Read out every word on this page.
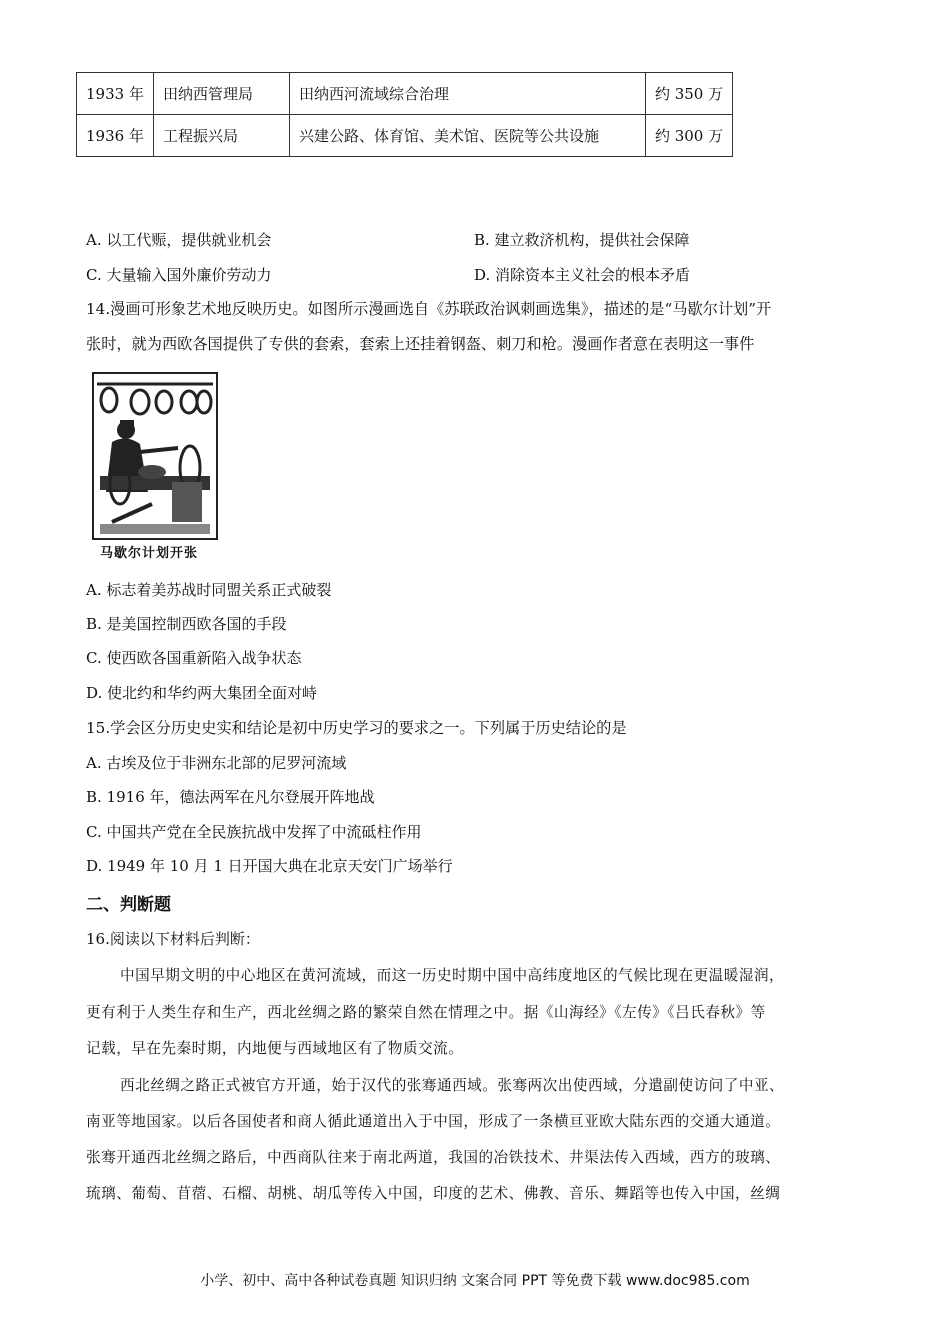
1933 年	田纳西管理局	田纳西河流域综合治理	约 350 万
1936 年	工程振兴局	兴建公路、体育馆、美术馆、医院等公共设施	约 300 万
A. 以工代赈，提供就业机会	B. 建立救济机构，提供社会保障
C. 大量输入国外廉价劳动力	D. 消除资本主义社会的根本矛盾
14.漫画可形象艺术地反映历史。如图所示漫画选自《苏联政治讽刺画选集》，描述的是“马歇尔计划”开
张时，就为西欧各国提供了专供的套索，套索上还挂着钢盔、刺刀和枪。漫画作者意在表明这一事件
马歇尔计划开张
A. 标志着美苏战时同盟关系正式破裂
B. 是美国控制西欧各国的手段
C. 使西欧各国重新陷入战争状态
D. 使北约和华约两大集团全面对峙
15.学会区分历史史实和结论是初中历史学习的要求之一。下列属于历史结论的是
A. 古埃及位于非洲东北部的尼罗河流域
B. 1916 年，德法两军在凡尔登展开阵地战
C. 中国共产党在全民族抗战中发挥了中流砥柱作用
D. 1949 年 10 月 1 日开国大典在北京天安门广场举行
二、判断题
16.阅读以下材料后判断：
中国早期文明的中心地区在黄河流域，而这一历史时期中国中高纬度地区的气候比现在更温暖湿润，
更有利于人类生存和生产，西北丝绸之路的繁荣自然在情理之中。据《山海经》《左传》《吕氏春秋》等
记载，早在先秦时期，内地便与西域地区有了物质交流。
西北丝绸之路正式被官方开通，始于汉代的张骞通西域。张骞两次出使西域，分遣副使访问了中亚、
南亚等地国家。以后各国使者和商人循此通道出入于中国，形成了一条横亘亚欧大陆东西的交通大通道。
张骞开通西北丝绸之路后，中西商队往来于南北两道，我国的冶铁技术、井渠法传入西域，西方的玻璃、
琉璃、葡萄、苜蓿、石榴、胡桃、胡瓜等传入中国，印度的艺术、佛教、音乐、舞蹈等也传入中国，丝绸
小学、初中、高中各种试卷真题 知识归纳 文案合同 PPT 等免费下载 www.doc985.com
